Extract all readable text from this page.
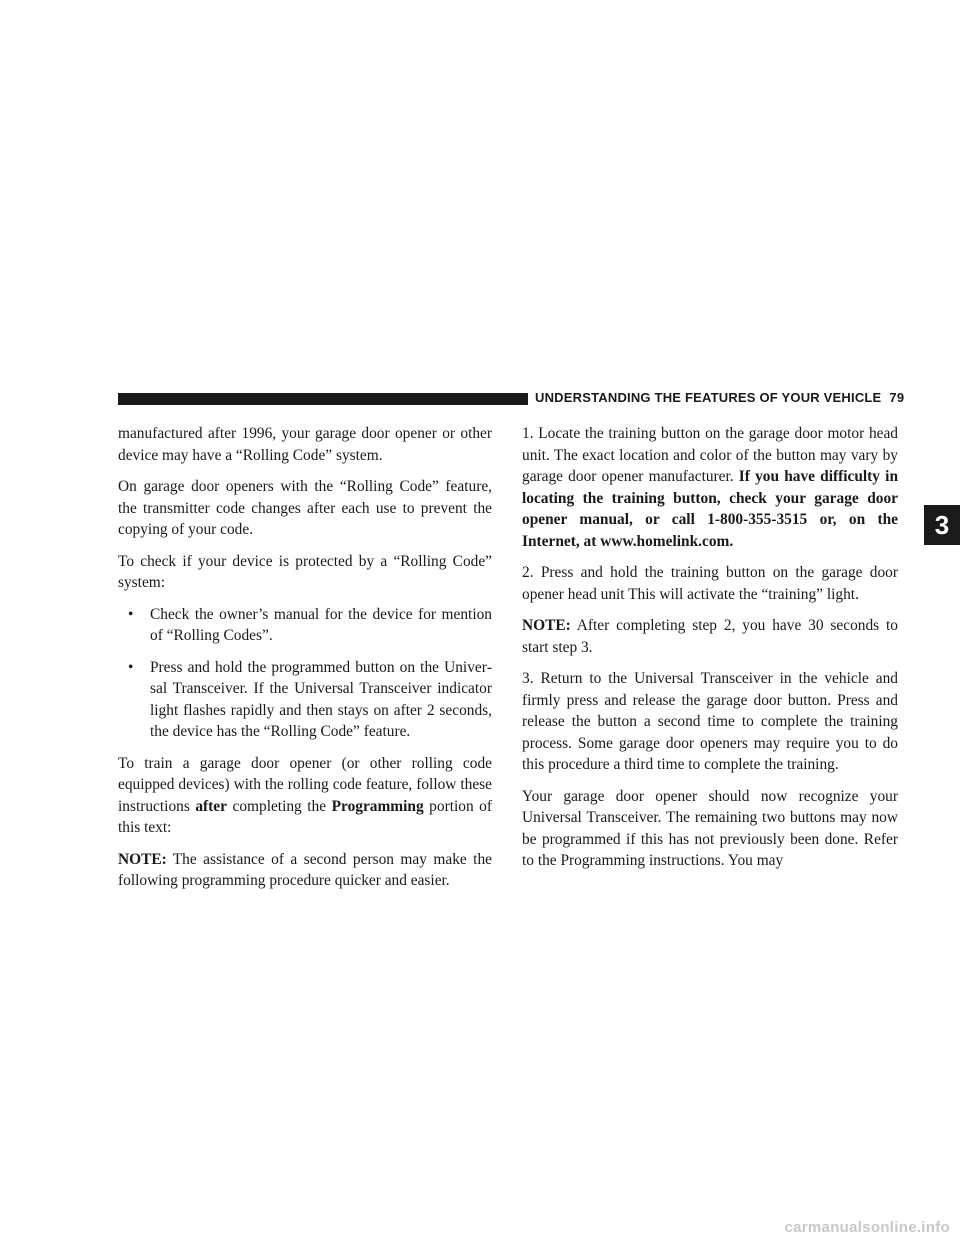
UNDERSTANDING THE FEATURES OF YOUR VEHICLE 79

manufactured after 1996, your garage door opener or other device may have a “Rolling Code” system.

On garage door openers with the “Rolling Code” feature, the transmitter code changes after each use to prevent the copying of your code.

To check if your device is protected by a “Rolling Code” system:

• Check the owner’s manual for the device for mention of “Rolling Codes”.
• Press and hold the programmed button on the Universal Transceiver. If the Universal Transceiver indicator light flashes rapidly and then stays on after 2 seconds, the device has the “Rolling Code” feature.

To train a garage door opener (or other rolling code equipped devices) with the rolling code feature, follow these instructions after completing the Programming portion of this text:

NOTE: The assistance of a second person may make the following programming procedure quicker and easier.

1. Locate the training button on the garage door motor head unit. The exact location and color of the button may vary by garage door opener manufacturer. If you have difficulty in locating the training button, check your garage door opener manual, or call 1-800-355-3515 or, on the Internet, at www.homelink.com.

2. Press and hold the training button on the garage door opener head unit This will activate the “training” light.

NOTE: After completing step 2, you have 30 seconds to start step 3.

3. Return to the Universal Transceiver in the vehicle and firmly press and release the garage door button. Press and release the button a second time to complete the training process. Some garage door openers may require you to do this procedure a third time to complete the training.

Your garage door opener should now recognize your Universal Transceiver. The remaining two buttons may now be programmed if this has not previously been done. Refer to the Programming instructions. You may

3
carmanualsonline.info
